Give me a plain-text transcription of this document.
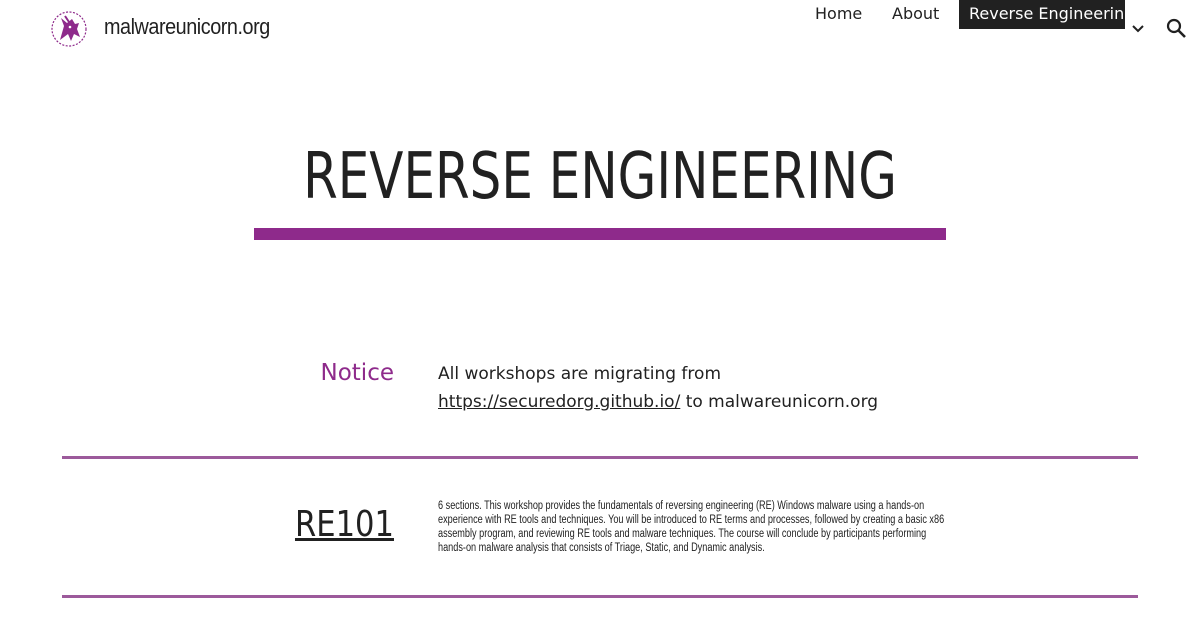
malwareunicorn.org
Home About	Reverse Engineering
REVERSE ENGINEERING
Notice	All workshops are migrating from https://securedorg.github.io/ to malwareunicorn.org
RE101	6 sections. This workshop provides the fundamentals of reversing engineering (RE) Windows malware using a hands-on experience with RE tools and techniques. You will be introduced to RE terms and processes, followed by creating a basic x86 assembly program, and reviewing RE tools and malware techniques. The course will conclude by participants performing hands-on malware analysis that consists of Triage, Static, and Dynamic analysis.
